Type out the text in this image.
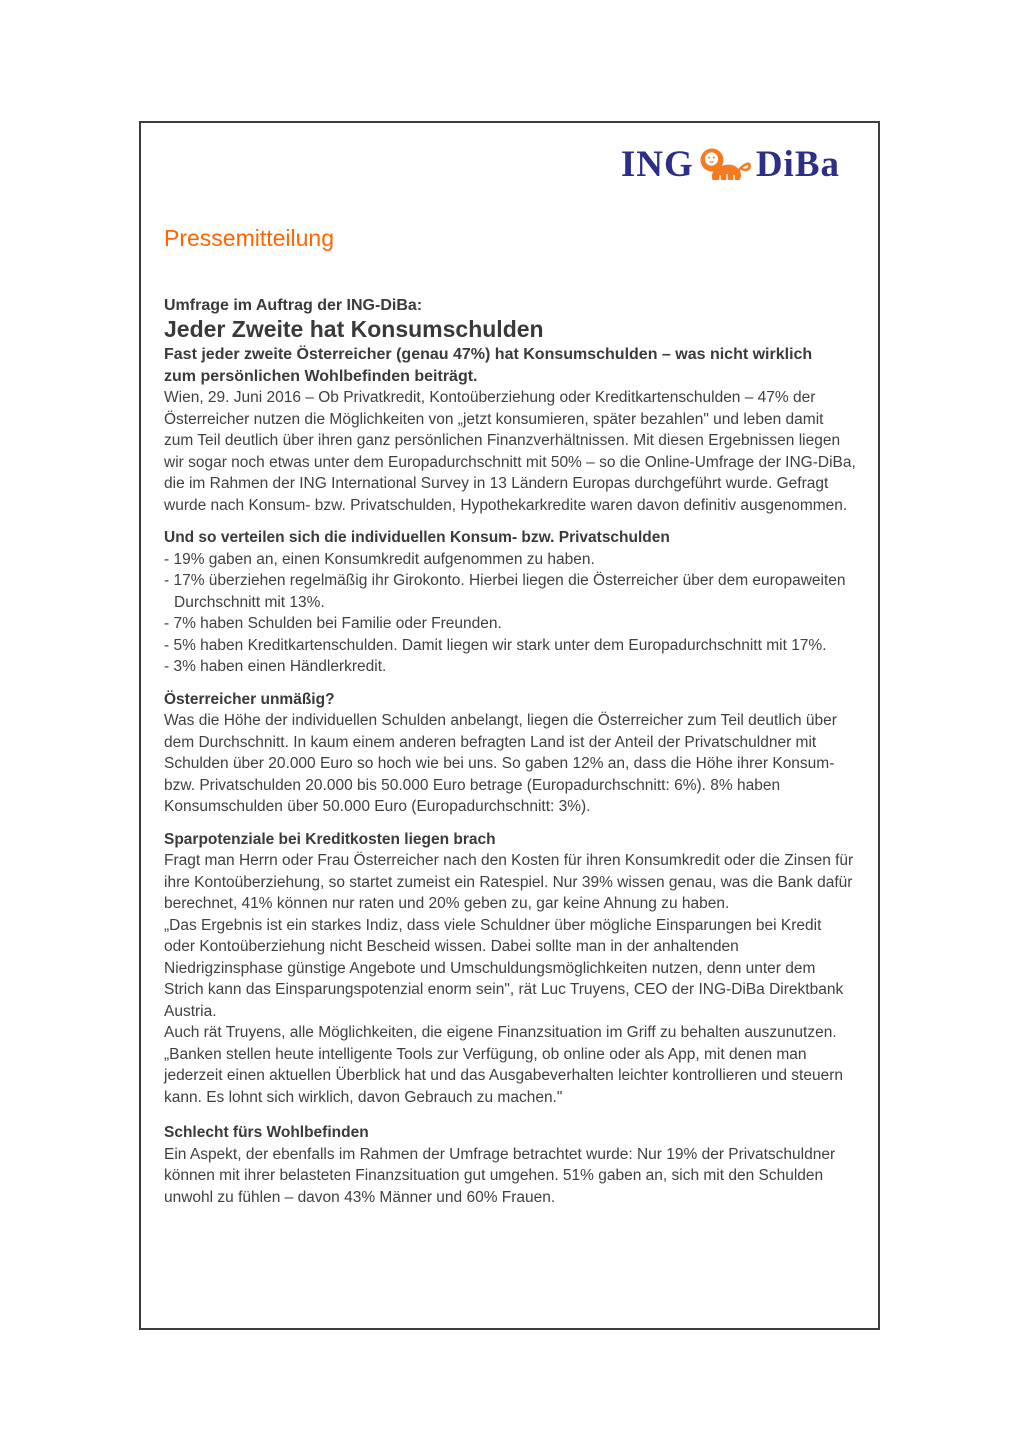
ING DiBa
Pressemitteilung
Umfrage im Auftrag der ING-DiBa:
Jeder Zweite hat Konsumschulden

Fast jeder zweite Österreicher (genau 47%) hat Konsumschulden – was nicht wirklich zum persönlichen Wohlbefinden beiträgt.

Wien, 29. Juni 2016 – Ob Privatkredit, Kontoüberziehung oder Kreditkartenschulden – 47% der Österreicher nutzen die Möglichkeiten von „jetzt konsumieren, später bezahlen" und leben damit zum Teil deutlich über ihren ganz persönlichen Finanzverhältnissen. Mit diesen Ergebnissen liegen wir sogar noch etwas unter dem Europadurchschnitt mit 50% – so die Online-Umfrage der ING-DiBa, die im Rahmen der ING International Survey in 13 Ländern Europas durchgeführt wurde. Gefragt wurde nach Konsum- bzw. Privatschulden, Hypothekarkredite waren davon definitiv ausgenommen.

Und so verteilen sich die individuellen Konsum- bzw. Privatschulden
- 19% gaben an, einen Konsumkredit aufgenommen zu haben.
- 17% überziehen regelmäßig ihr Girokonto. Hierbei liegen die Österreicher über dem europaweiten Durchschnitt mit 13%.
- 7% haben Schulden bei Familie oder Freunden.
- 5% haben Kreditkartenschulden. Damit liegen wir stark unter dem Europadurchschnitt mit 17%.
- 3% haben einen Händlerkredit.
Österreicher unmäßig?

Was die Höhe der individuellen Schulden anbelangt, liegen die Österreicher zum Teil deutlich über dem Durchschnitt. In kaum einem anderen befragten Land ist der Anteil der Privatschuldner mit Schulden über 20.000 Euro so hoch wie bei uns. So gaben 12% an, dass die Höhe ihrer Konsum- bzw. Privatschulden 20.000 bis 50.000 Euro betrage (Europadurchschnitt: 6%). 8% haben Konsumschulden über 50.000 Euro (Europadurchschnitt: 3%).

Sparpotenziale bei Kreditkosten liegen brach

Fragt man Herrn oder Frau Österreicher nach den Kosten für ihren Konsumkredit oder die Zinsen für ihre Kontoüberziehung, so startet zumeist ein Ratespiel. Nur 39% wissen genau, was die Bank dafür berechnet, 41% können nur raten und 20% geben zu, gar keine Ahnung zu haben.

„Das Ergebnis ist ein starkes Indiz, dass viele Schuldner über mögliche Einsparungen bei Kredit oder Kontoüberziehung nicht Bescheid wissen. Dabei sollte man in der anhaltenden Niedrigzinsphase günstige Angebote und Umschuldungsmöglichkeiten nutzen, denn unter dem Strich kann das Einsparungspotenzial enorm sein", rät Luc Truyens, CEO der ING-DiBa Direktbank Austria.

Auch rät Truyens, alle Möglichkeiten, die eigene Finanzsituation im Griff zu behalten auszunutzen. „Banken stellen heute intelligente Tools zur Verfügung, ob online oder als App, mit denen man jederzeit einen aktuellen Überblick hat und das Ausgabeverhalten leichter kontrollieren und steuern kann. Es lohnt sich wirklich, davon Gebrauch zu machen."

Schlecht fürs Wohlbefinden

Ein Aspekt, der ebenfalls im Rahmen der Umfrage betrachtet wurde: Nur 19% der Privatschuldner können mit ihrer belasteten Finanzsituation gut umgehen. 51% gaben an, sich mit den Schulden unwohl zu fühlen – davon 43% Männer und 60% Frauen.
